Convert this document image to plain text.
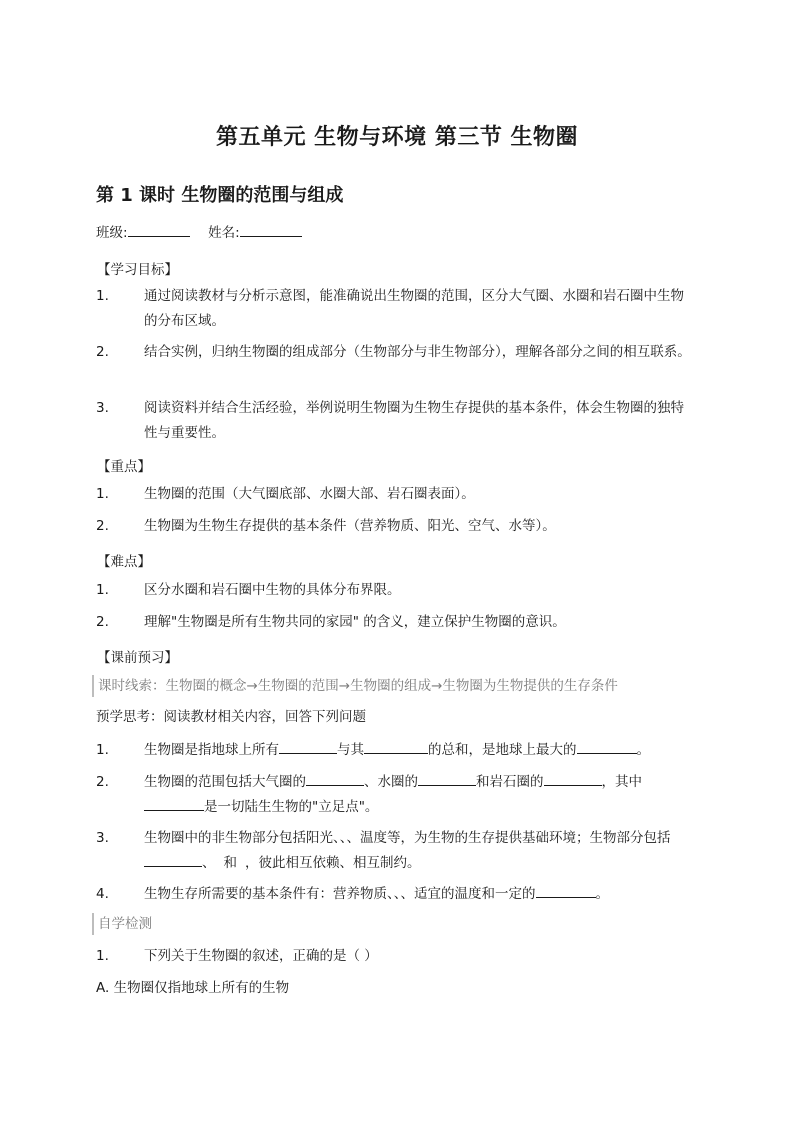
第五单元 生物与环境 第三节 生物圈
第 1 课时 生物圈的范围与组成
班级:	姓名:
【学习目标】
1.	通过阅读教材与分析示意图，能准确说出生物圈的范围，区分大气圈、水圈和岩石圈中生物的分布区域。
2.	结合实例，归纳生物圈的组成部分（生物部分与非生物部分），理解各部分之间的相互联系。
3.	阅读资料并结合生活经验，举例说明生物圈为生物生存提供的基本条件，体会生物圈的独特性与重要性。
【重点】
1.	生物圈的范围（大气圈底部、水圈大部、岩石圈表面）。
2.	生物圈为生物生存提供的基本条件（营养物质、阳光、空气、水等）。
【难点】
1.	区分水圈和岩石圈中生物的具体分布界限。
2.	理解"生物圈是所有生物共同的家园" 的含义，建立保护生物圈的意识。
【课前预习】
课时线索：生物圈的概念→生物圈的范围→生物圈的组成→生物圈为生物提供的生存条件
预学思考：阅读教材相关内容，回答下列问题
1.	生物圈是指地球上所有	与其	的总和，是地球上最大的	。
2.	生物圈的范围包括大气圈的	、水圈的	和岩石圈的	，其中是一切陆生生物的"立足点"。
3.	生物圈中的非生物部分包括阳光、、、温度等，为生物的生存提供基础环境；生物部分包括、 和 ，彼此相互依赖、相互制约。
4.	生物生存所需要的基本条件有：营养物质、、、适宜的温度和一定的	。
自学检测
1.	下列关于生物圈的叙述，正确的是（ ）
A. 生物圈仅指地球上所有的生物
